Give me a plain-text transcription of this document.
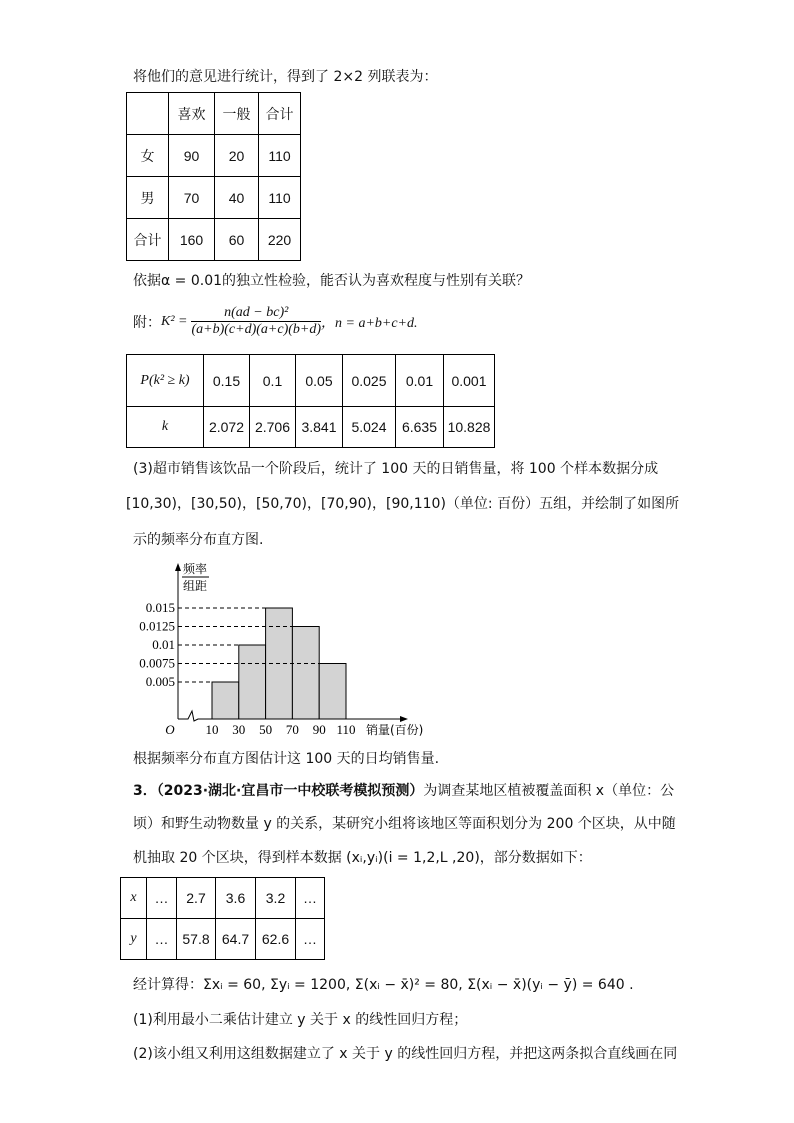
将他们的意见进行统计，得到了 2×2 列联表为：
	喜欢	一般	合计
女	90	20	110
男	70	40	110
合计	160	60	220
依据α = 0.01的独立性检验，能否认为喜欢程度与性别有关联？
附： $K^2 = \frac{\text{n(ad − bc)²}}{(a+b)(c+d)(a+c)(b+d)}$ ，n = a+b+c+d.
P(k² ≥ k)	0.15	0.1	0.05	0.025	0.01	0.001
k	2.072	2.706	3.841	5.024	6.635	10.828
(3)超市销售该饮品一个阶段后，统计了 100 天的日销售量，将 100 个样本数据分成
[10,30)，[30,50)，[50,70)，[70,90)，[90,110)（单位: 百份）五组，并绘制了如图所
示的频率分布直方图.
0.015
0.0125
0.01
0.0075
0.005
10 30 50 70 90 110
O	销量(百份)
频率
组距
根据频率分布直方图估计这 100 天的日均销售量.
3．（2023·湖北·宜昌市一中校联考模拟预测）为调查某地区植被覆盖面积 x（单位：公
顷）和野生动物数量 y 的关系，某研究小组将该地区等面积划分为 200 个区块，从中随
机抽取 20 个区块，得到样本数据 (xᵢ,yᵢ)(i = 1,2,L ,20)，部分数据如下：
x	…	2.7	3.6	3.2	…
y	…	57.8	64.7	62.6	…
经计算得：Σxᵢ = 60, Σyᵢ = 1200, Σ(xᵢ − x̄)² = 80, Σ(xᵢ − x̄)(yᵢ − ȳ) = 640 .
(1)利用最小二乘估计建立 y 关于 x 的线性回归方程；
(2)该小组又利用这组数据建立了 x 关于 y 的线性回归方程，并把这两条拟合直线画在同
